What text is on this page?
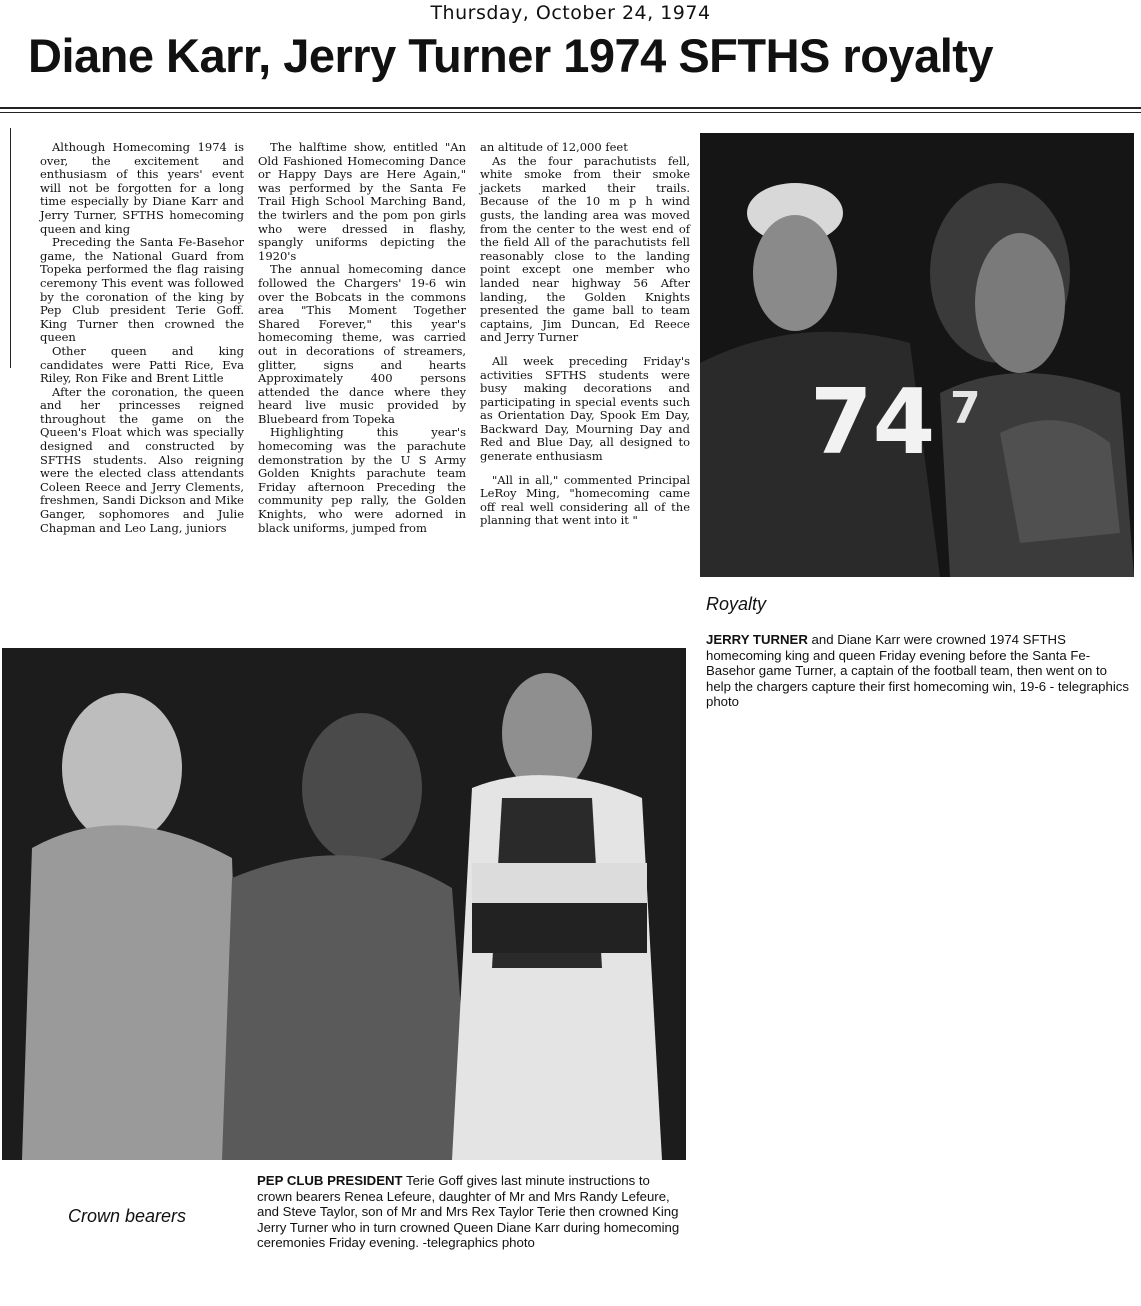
Thursday, October 24, 1974
Diane Karr, Jerry Turner 1974 SFTHS royalty

Although Homecoming 1974 is over, the excitement and enthusiasm of this years' event will not be forgotten for a long time especially by Diane Karr and Jerry Turner, SFTHS homecoming queen and king

Preceding the Santa Fe-Basehor game, the National Guard from Topeka performed the flag raising ceremony This event was followed by the coronation of the king by Pep Club president Terie Goff. King Turner then crowned the queen

Other queen and king candidates were Patti Rice, Eva Riley, Ron Fike and Brent Little

After the coronation, the queen and her princesses reigned throughout the game on the Queen's Float which was specially designed and constructed by SFTHS students. Also reigning were the elected class attendants Coleen Reece and Jerry Clements, freshmen, Sandi Dickson and Mike Ganger, sophomores and Julie Chapman and Leo Lang, juniors

The halftime show, entitled "An Old Fashioned Homecoming Dance or Happy Days are Here Again," was performed by the Santa Fe Trail High School Marching Band, the twirlers and the pom pon girls who were dressed in flashy, spangly uniforms depicting the 1920's

The annual homecoming dance followed the Chargers' 19-6 win over the Bobcats in the commons area "This Moment Together Shared Forever," this year's homecoming theme, was carried out in decorations of streamers, glitter, signs and hearts Approximately 400 persons attended the dance where they heard live music provided by Bluebeard from Topeka

Highlighting this year's homecoming was the parachute demonstration by the U S Army Golden Knights parachute team Friday afternoon Preceding the community pep rally, the Golden Knights, who were adorned in black uniforms, jumped from

an altitude of 12,000 feet

As the four parachutists fell, white smoke from their smoke jackets marked their trails. Because of the 10 m p h wind gusts, the landing area was moved from the center to the west end of the field All of the parachutists fell reasonably close to the landing point except one member who landed near highway 56 After landing, the Golden Knights presented the game ball to team captains, Jim Duncan, Ed Reece and Jerry Turner

All week preceding Friday's activities SFTHS students were busy making decorations and participating in special events such as Orientation Day, Spook Em Day, Backward Day, Mourning Day and Red and Blue Day, all designed to generate enthusiasm

"All in all," commented Principal LeRoy Ming, "homecoming came off real well considering all of the planning that went into it "

74 7
Royalty
JERRY TURNER and Diane Karr were crowned 1974 SFTHS homecoming king and queen Friday evening before the Santa Fe-Basehor game Turner, a captain of the football team, then went on to help the chargers capture their first homecoming win, 19-6 - telegraphics photo
Crown bearers
PEP CLUB PRESIDENT Terie Goff gives last minute instructions to crown bearers Renea Lefeure, daughter of Mr and Mrs Randy Lefeure, and Steve Taylor, son of Mr and Mrs Rex Taylor Terie then crowned King Jerry Turner who in turn crowned Queen Diane Karr during homecoming ceremonies Friday evening. -telegraphics photo
